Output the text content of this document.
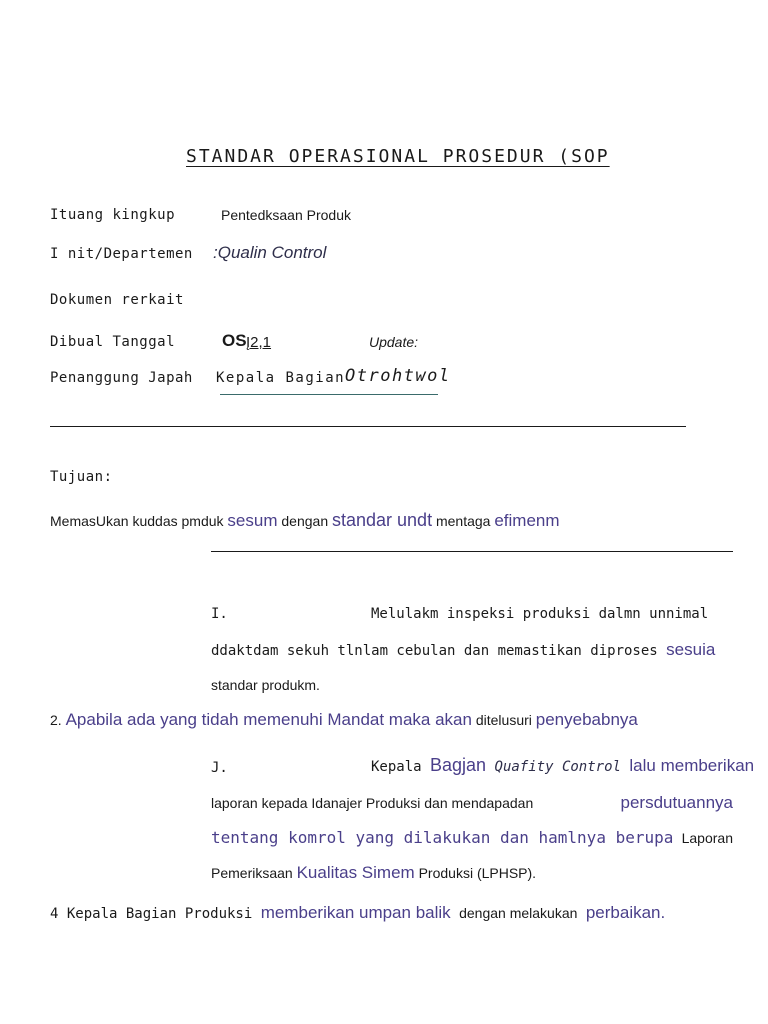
STANDAR OPERASIONAL PROSEDUR (SOP
Ituang kingkup	Pentedksaan Produk
I nit/Departemen :Qualin Control
Dokumen rerkait
Dibual Tanggal	OS Į2,1	Update:
Penanggung Japah Kepala Bagian Otrohtwol
Tujuan:
MemasUkan kuddas pmduk sesum dengan standar undt mentaga efimenm
I.	Melulakm inspeksi produksi dalmn unnimal
ddaktdam sekuh tlnlam cebulan dan memastikan diproses sesuia
standar produkm.
2. Apabila ada yang tidah memenuhi Mandat maka akan ditelusuri penyebabnya
J.	Kepala Bagjan Quafity Control lalu memberikan
laporan kepada Idanajer Produksi dan mendapadan	persdutuannya
tentang komrol yang dilakukan dan hamlnya berupa Laporan
Pemeriksaan Kualitas Simem Produksi (LPHSP).
4 Kepala Bagian Produksi memberikan umpan balik dengan melakukan perbaikan.
